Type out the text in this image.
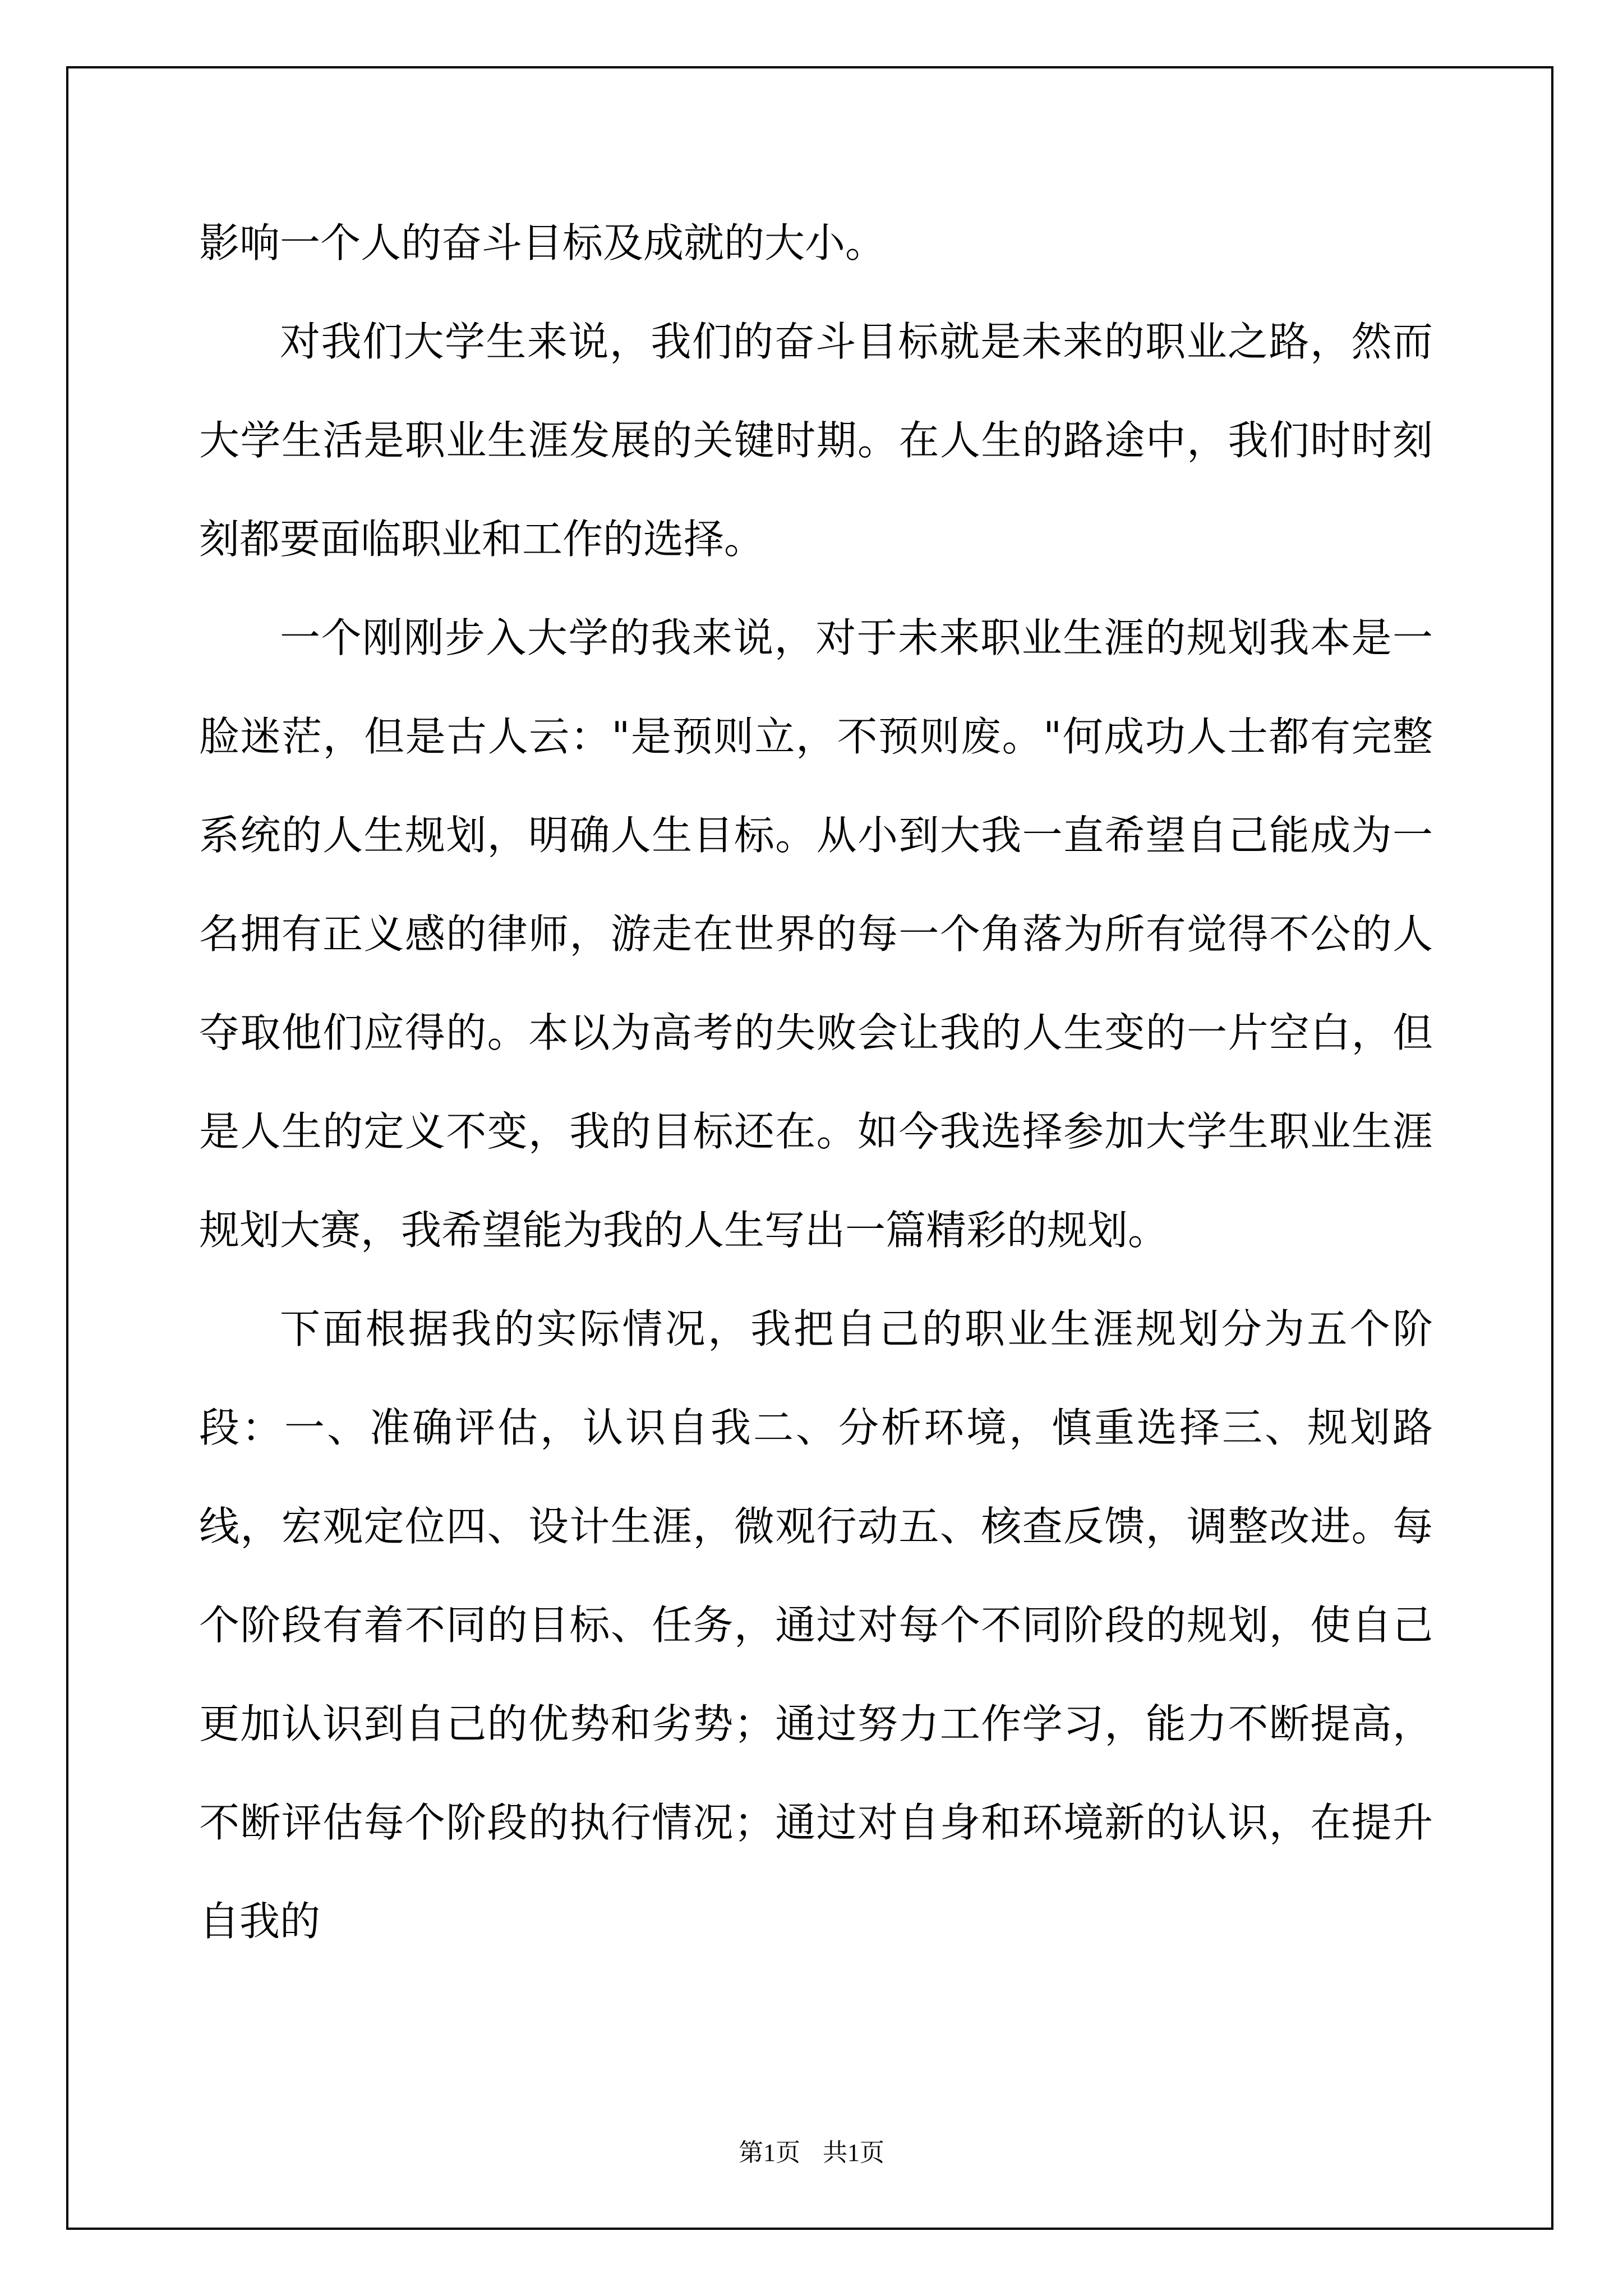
影响一个人的奋斗目标及成就的大小。

对我们大学生来说，我们的奋斗目标就是未来的职业之路，然而大学生活是职业生涯发展的关键时期。在人生的路途中，我们时时刻刻都要面临职业和工作的选择。

一个刚刚步入大学的我来说，对于未来职业生涯的规划我本是一脸迷茫，但是古人云："是预则立，不预则废。"何成功人士都有完整系统的人生规划，明确人生目标。从小到大我一直希望自己能成为一名拥有正义感的律师，游走在世界的每一个角落为所有觉得不公的人夺取他们应得的。本以为高考的失败会让我的人生变的一片空白，但是人生的定义不变，我的目标还在。如今我选择参加大学生职业生涯规划大赛，我希望能为我的人生写出一篇精彩的规划。

下面根据我的实际情况，我把自己的职业生涯规划分为五个阶段：一、准确评估，认识自我二、分析环境，慎重选择三、规划路线，宏观定位四、设计生涯，微观行动五、核查反馈，调整改进。每个阶段有着不同的目标、任务，通过对每个不同阶段的规划，使自己更加认识到自己的优势和劣势；通过努力工作学习，能力不断提高，不断评估每个阶段的执行情况；通过对自身和环境新的认识，在提升自我的

第1页 共1页
